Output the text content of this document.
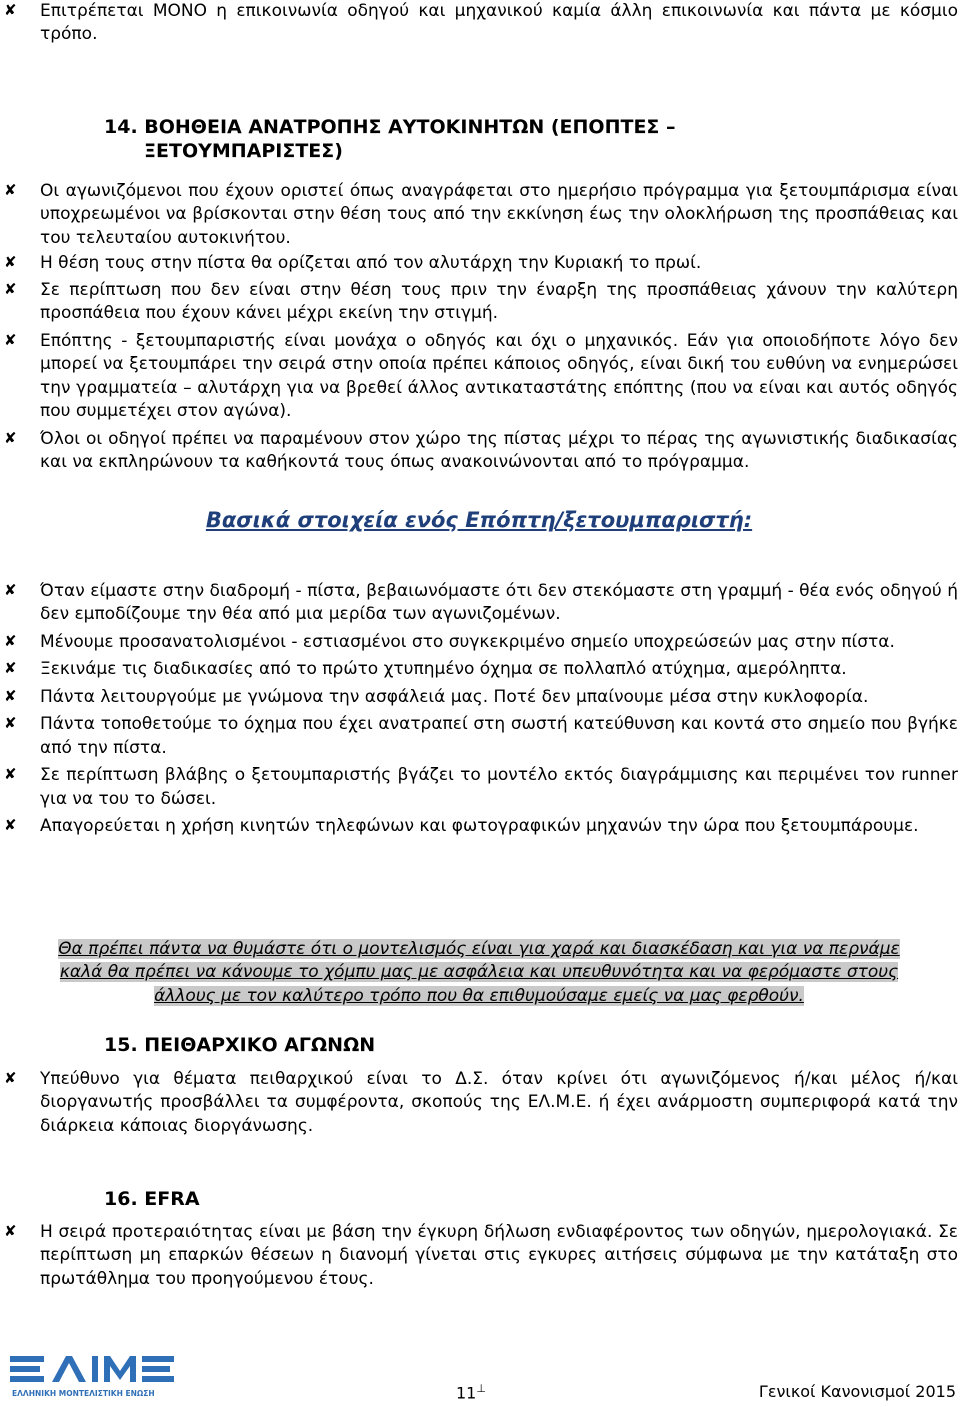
✘ Επιτρέπεται ΜΟΝΟ η επικοινωνία οδηγού και μηχανικού καμία άλλη επικοινωνία και πάντα με κόσμιο τρόπο.

14. ΒΟΗΘΕΙΑ ΑΝΑΤΡΟΠΗΣ ΑΥΤΟΚΙΝΗΤΩΝ (ΕΠΟΠΤΕΣ – ΞΕΤΟΥΜΠΑΡΙΣΤΕΣ)
✘ Οι αγωνιζόμενοι που έχουν οριστεί όπως αναγράφεται στο ημερήσιο πρόγραμμα για ξετουμπάρισμα είναι υποχρεωμένοι να βρίσκονται στην θέση τους από την εκκίνηση έως την ολοκλήρωση της προσπάθειας και του τελευταίου αυτοκινήτου.

✘ Η θέση τους στην πίστα θα ορίζεται από τον αλυτάρχη την Κυριακή το πρωί.

✘ Σε περίπτωση που δεν είναι στην θέση τους πριν την έναρξη της προσπάθειας χάνουν την καλύτερη προσπάθεια που έχουν κάνει μέχρι εκείνη την στιγμή.

✘ Επόπτης - ξετουμπαριστής είναι μονάχα ο οδηγός και όχι ο μηχανικός. Εάν για οποιοδήποτε λόγο δεν μπορεί να ξετουμπάρει την σειρά στην οποία πρέπει κάποιος οδηγός, είναι δική του ευθύνη να ενημερώσει την γραμματεία – αλυτάρχη για να βρεθεί άλλος αντικαταστάτης επόπτης (που να είναι και αυτός οδηγός που συμμετέχει στον αγώνα).

✘ Όλοι οι οδηγοί πρέπει να παραμένουν στον χώρο της πίστας μέχρι το πέρας της αγωνιστικής διαδικασίας και να εκπληρώνουν τα καθήκοντά τους όπως ανακοινώνονται από το πρόγραμμα.

Βασικά στοιχεία ενός Επόπτη/ξετουμπαριστή:
✘ Όταν είμαστε στην διαδρομή - πίστα, βεβαιωνόμαστε ότι δεν στεκόμαστε στη γραμμή - θέα ενός οδηγού ή δεν εμποδίζουμε την θέα από μια μερίδα των αγωνιζομένων.

✘ Μένουμε προσανατολισμένοι - εστιασμένοι στο συγκεκριμένο σημείο υποχρεώσεών μας στην πίστα.

✘ Ξεκινάμε τις διαδικασίες από το πρώτο χτυπημένο όχημα σε πολλαπλό ατύχημα, αμερόληπτα.

✘ Πάντα λειτουργούμε με γνώμονα την ασφάλειά μας. Ποτέ δεν μπαίνουμε μέσα στην κυκλοφορία.

✘ Πάντα τοποθετούμε το όχημα που έχει ανατραπεί στη σωστή κατεύθυνση και κοντά στο σημείο που βγήκε από την πίστα.

✘ Σε περίπτωση βλάβης ο ξετουμπαριστής βγάζει το μοντέλο εκτός διαγράμμισης και περιμένει τον runner για να του το δώσει.

✘ Απαγορεύεται η χρήση κινητών τηλεφώνων και φωτογραφικών μηχανών την ώρα που ξετουμπάρουμε.

Θα πρέπει πάντα να θυμάστε ότι ο μοντελισμός είναι για χαρά και διασκέδαση και για να περνάμε
καλά θα πρέπει να κάνουμε το χόμπυ μας με ασφάλεια και υπευθυνότητα και να φερόμαστε στους
άλλους με τον καλύτερο τρόπο που θα επιθυμούσαμε εμείς να μας φερθούν.
15. ΠΕΙΘΑΡΧΙΚΟ ΑΓΩΝΩΝ
✘ Υπεύθυνο για θέματα πειθαρχικού είναι το Δ.Σ. όταν κρίνει ότι αγωνιζόμενος ή/και μέλος ή/και διοργανωτής προσβάλλει τα συμφέροντα, σκοπούς της ΕΛ.Μ.Ε. ή έχει ανάρμοστη συμπεριφορά κατά την διάρκεια κάποιας διοργάνωσης.

16. EFRA
✘ Η σειρά προτεραιότητας είναι με βάση την έγκυρη δήλωση ενδιαφέροντος των οδηγών, ημερολογιακά. Σε περίπτωση μη επαρκών θέσεων η διανομή γίνεται στις εγκυρες αιτήσεις σύμφωνα με την κατάταξη στο πρωτάθλημα του προηγούμενου έτους.

ΕΛΛΗΝΙΚΗ ΜΟΝΤΕΛΙΣΤΙΚΗ ΕΝΩΣΗ	11⊥	Γενικοί Κανονισμοί 2015
